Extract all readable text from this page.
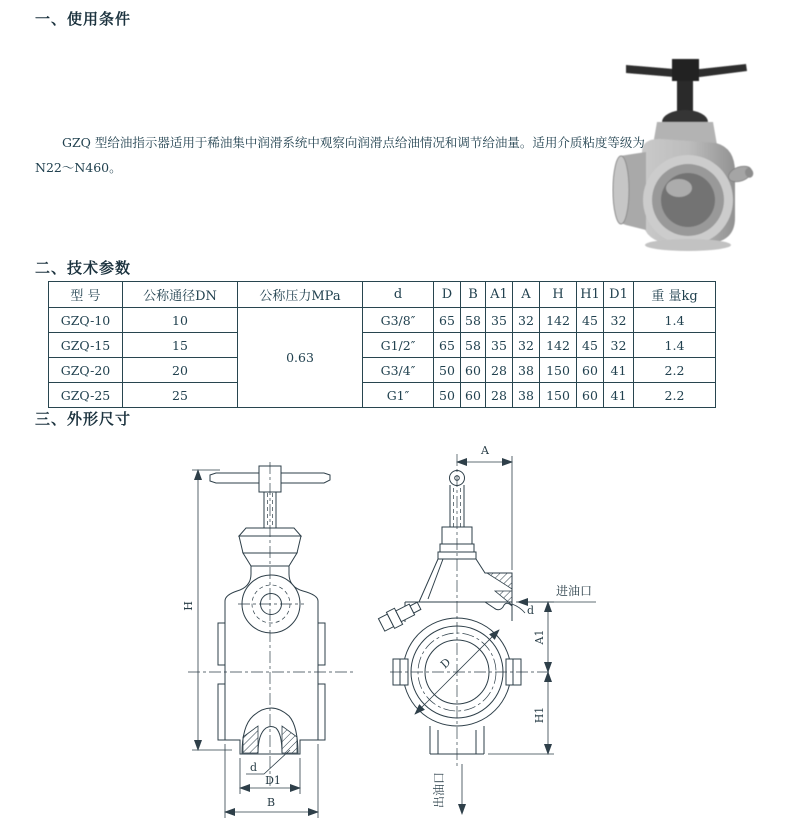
一、使用条件

GZQ 型给油指示器适用于稀油集中润滑系统中观察向润滑点给油情况和调节给油量。适用介质粘度等级为
N22～N460。

二、技术参数
型 号	公称通径DN	公称压力MPa	d	D	B	A1	A	H	H1	D1	重 量kg
GZQ-10	10	0.63	G3/8″	65	58	35	32	142	45	32	1.4
GZQ-15	15		G1/2″	65	58	35	32	142	45	32	1.4
GZQ-20	20		G3/4″	50	60	28	38	150	60	41	2.2
GZQ-25	25		G1″	50	60	28	38	150	60	41	2.2
三、外形尺寸
H
d
D1
B
D
A
进油口
d
A1
H1
出油口
